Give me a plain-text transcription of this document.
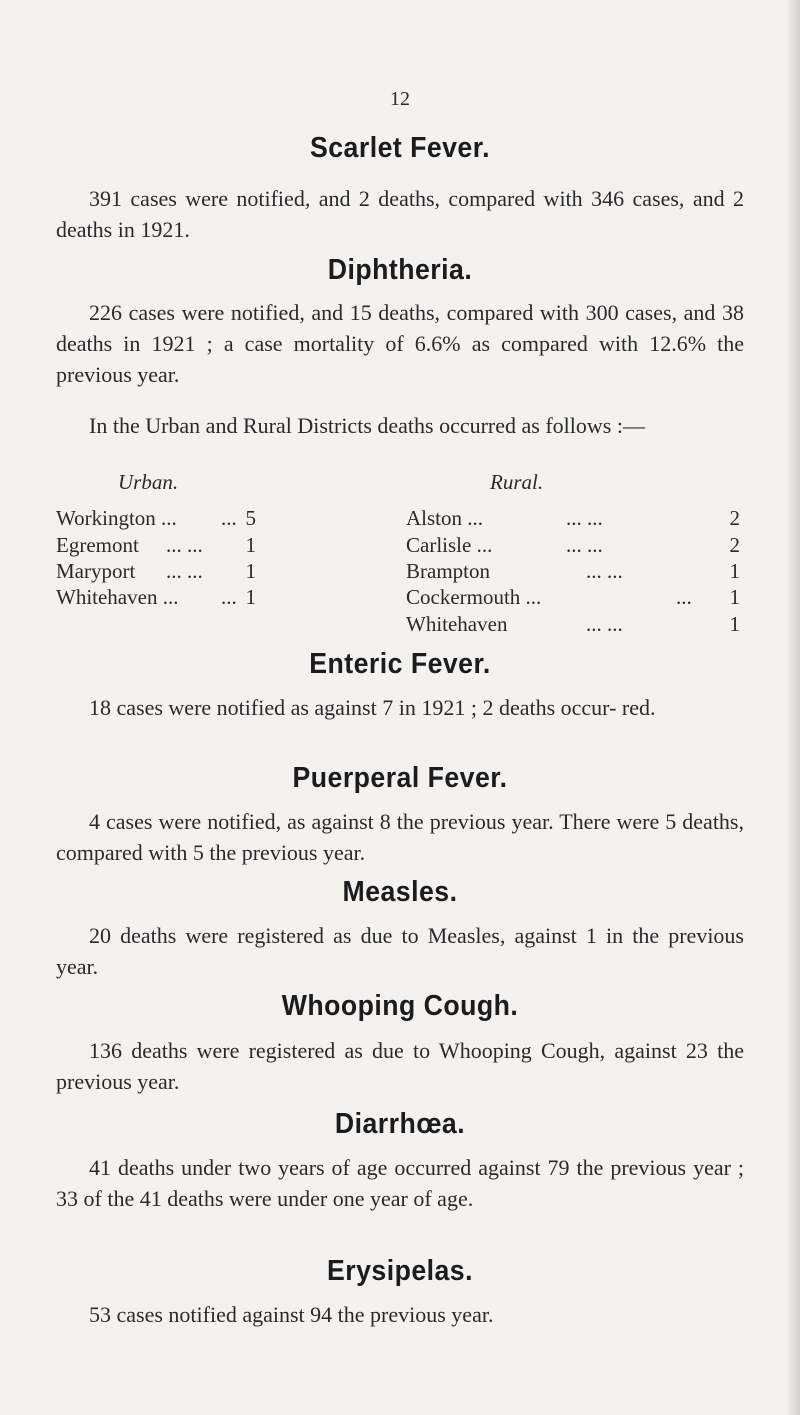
12
Scarlet Fever.

391 cases were notified, and 2 deaths, compared with 346 cases, and 2 deaths in 1921.

Diphtheria.

226 cases were notified, and 15 deaths, compared with 300 cases, and 38 deaths in 1921 ; a case mortality of 6.6% as compared with 12.6% the previous year.

In the Urban and Rural Districts deaths occurred as follows :—

Urban.	Rural.
Workington ... ... 5
Egremont ... ...	1
Maryport ... ...	1
Whitehaven ... ... 1
Alston ...	... ...	2
Carlisle ...	... ...	2
Brampton	... ...	1
Cockermouth ...	...	1
Whitehaven	... ...	1
Enteric Fever.

18 cases were notified as against 7 in 1921 ; 2 deaths occur- red.

Puerperal Fever.

4 cases were notified, as against 8 the previous year. There were 5 deaths, compared with 5 the previous year.

Measles.

20 deaths were registered as due to Measles, against 1 in the previous year.

Whooping Cough.

136 deaths were registered as due to Whooping Cough, against 23 the previous year.

Diarrhœa.

41 deaths under two years of age occurred against 79 the previous year ; 33 of the 41 deaths were under one year of age.

Erysipelas.

53 cases notified against 94 the previous year.
